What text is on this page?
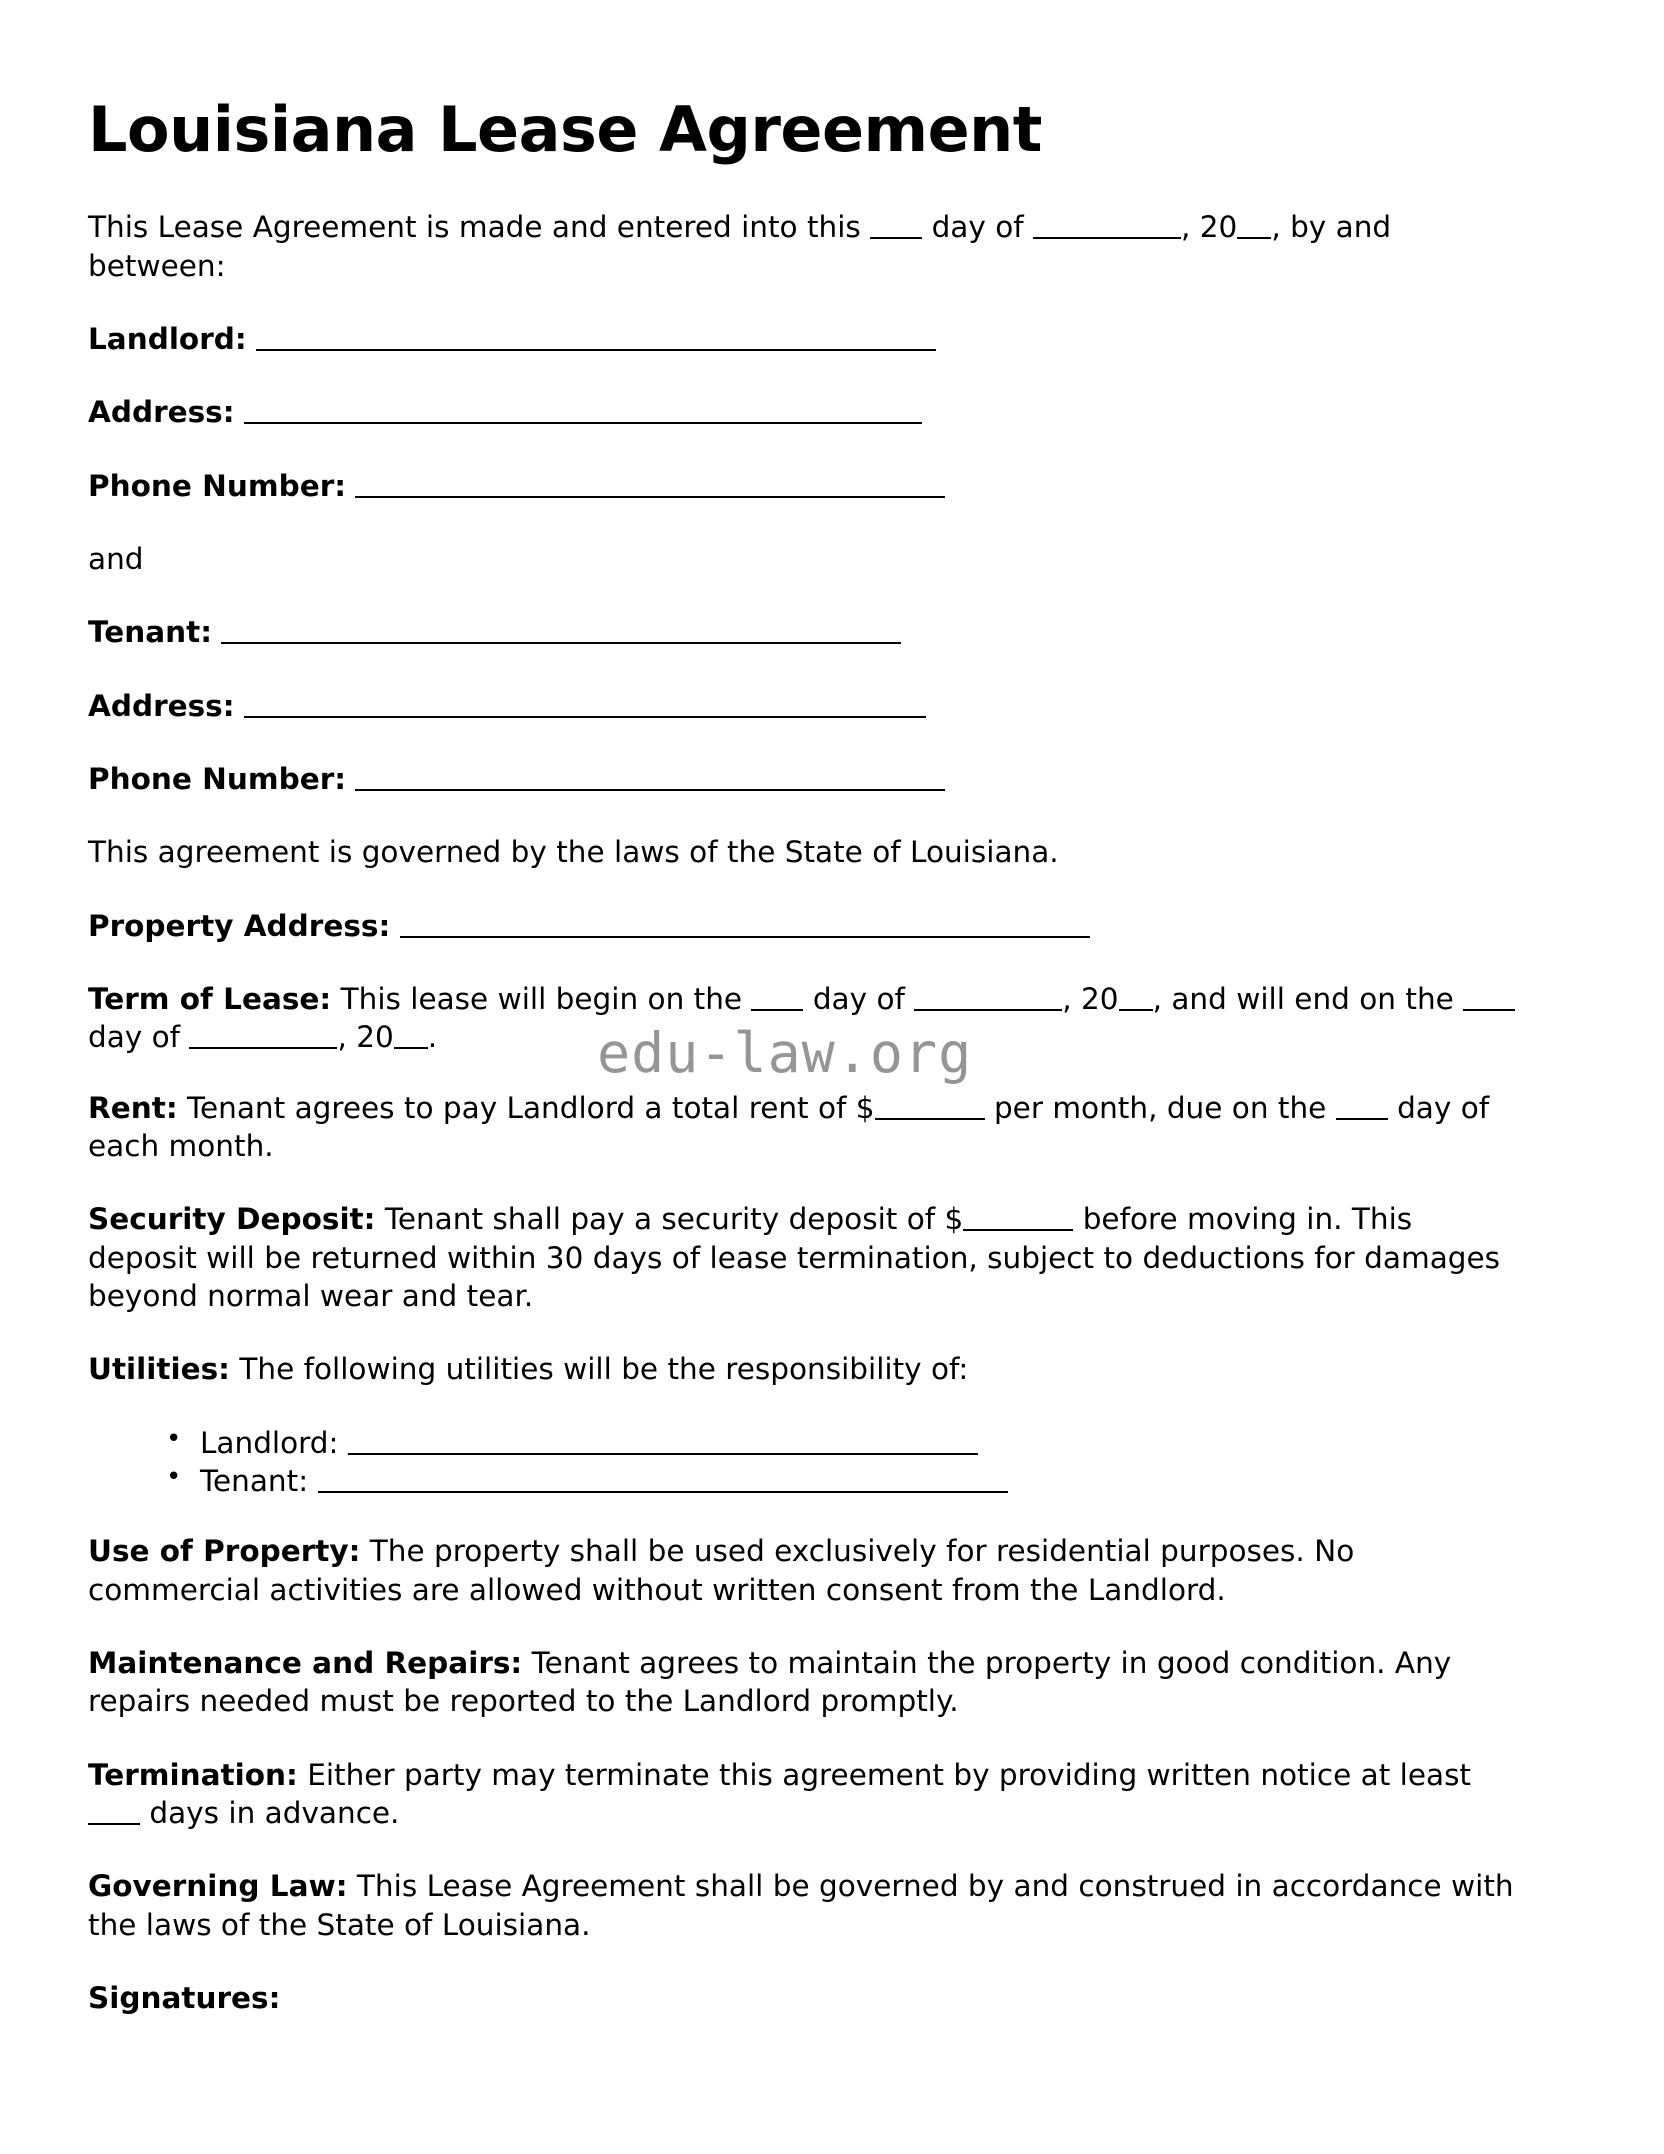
Louisiana Lease Agreement

This Lease Agreement is made and entered into this  day of	, 20 , by and between:

Landlord:

Address:

Phone Number:

and

Tenant:

Address:

Phone Number:

This agreement is governed by the laws of the State of Louisiana.

Property Address:

Term of Lease: This lease will begin on the  day of	, 20 , and will end on the  day of	, 20 .

Rent: Tenant agrees to pay Landlord a total rent of $	per month, due on the  day of each month.

Security Deposit: Tenant shall pay a security deposit of $	before moving in. This deposit will be returned within 30 days of lease termination, subject to deductions for damages beyond normal wear and tear.

Utilities: The following utilities will be the responsibility of:

• Landlord:
• Tenant:

Use of Property: The property shall be used exclusively for residential purposes. No commercial activities are allowed without written consent from the Landlord.

Maintenance and Repairs: Tenant agrees to maintain the property in good condition. Any repairs needed must be reported to the Landlord promptly.

Termination: Either party may terminate this agreement by providing written notice at least  days in advance.

Governing Law: This Lease Agreement shall be governed by and construed in accordance with the laws of the State of Louisiana.

Signatures:

edu-law.org
